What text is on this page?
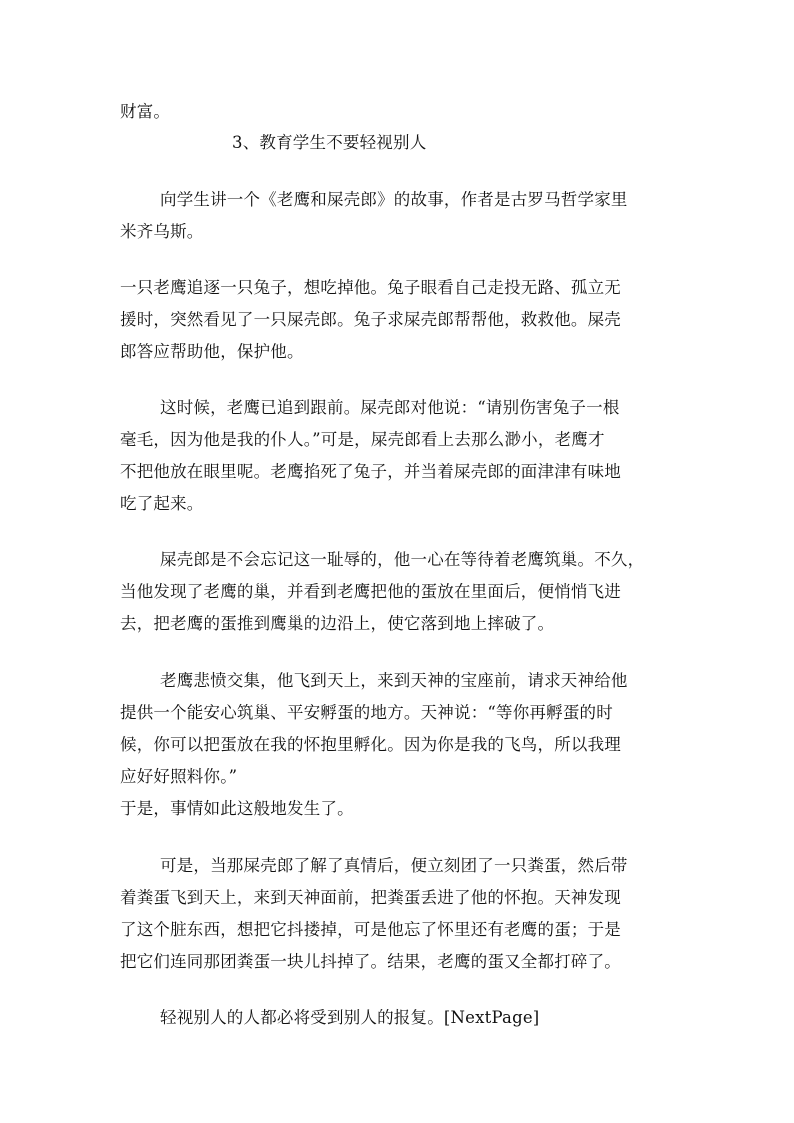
财富。
3、教育学生不要轻视别人
向学生讲一个《老鹰和屎壳郎》的故事，作者是古罗马哲学家里
米齐乌斯。
一只老鹰追逐一只兔子，想吃掉他。兔子眼看自己走投无路、孤立无
援时，突然看见了一只屎壳郎。兔子求屎壳郎帮帮他，救救他。屎壳
郎答应帮助他，保护他。
这时候，老鹰已追到跟前。屎壳郎对他说：“请别伤害兔子一根
毫毛，因为他是我的仆人。”可是，屎壳郎看上去那么渺小，老鹰才
不把他放在眼里呢。老鹰掐死了兔子，并当着屎壳郎的面津津有味地
吃了起来。
屎壳郎是不会忘记这一耻辱的，他一心在等待着老鹰筑巢。不久，
当他发现了老鹰的巢，并看到老鹰把他的蛋放在里面后，便悄悄飞进
去，把老鹰的蛋推到鹰巢的边沿上，使它落到地上摔破了。
老鹰悲愤交集，他飞到天上，来到天神的宝座前，请求天神给他
提供一个能安心筑巢、平安孵蛋的地方。天神说：“等你再孵蛋的时
候，你可以把蛋放在我的怀抱里孵化。因为你是我的飞鸟，所以我理
应好好照料你。”
于是，事情如此这般地发生了。
可是，当那屎壳郎了解了真情后，便立刻团了一只粪蛋，然后带
着粪蛋飞到天上，来到天神面前，把粪蛋丢进了他的怀抱。天神发现
了这个脏东西，想把它抖搂掉，可是他忘了怀里还有老鹰的蛋；于是
把它们连同那团粪蛋一块儿抖掉了。结果，老鹰的蛋又全都打碎了。
轻视别人的人都必将受到别人的报复。[NextPage]
